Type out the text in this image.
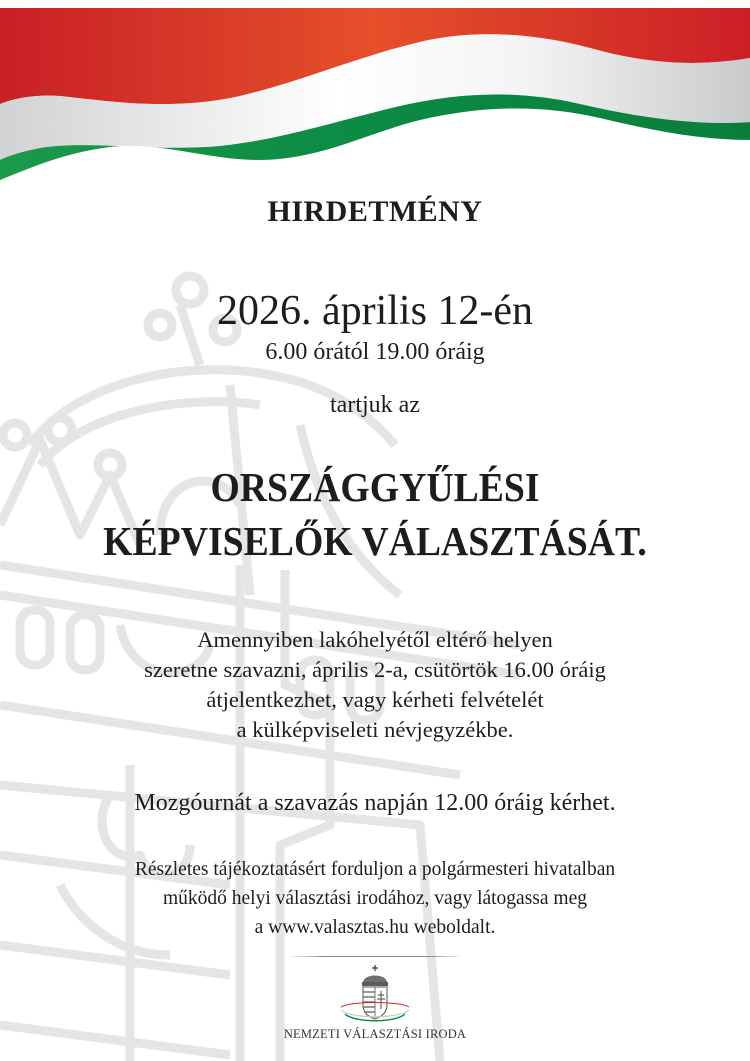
HIRDETMÉNY
2026. április 12-én
6.00 órától 19.00 óráig
tartjuk az
ORSZÁGGYŰLÉSI
KÉPVISELŐK VÁLASZTÁSÁT.
Amennyiben lakóhelyétől eltérő helyen
szeretne szavazni, április 2-a, csütörtök 16.00 óráig
átjelentkezhet, vagy kérheti felvételét
a külképviseleti névjegyzékbe.
Mozgóurnát a szavazás napján 12.00 óráig kérhet.
Részletes tájékoztatásért forduljon a polgármesteri hivatalban
működő helyi választási irodához, vagy látogassa meg
a www.valasztas.hu weboldalt.
NEMZETI VÁLASZTÁSI IRODA
